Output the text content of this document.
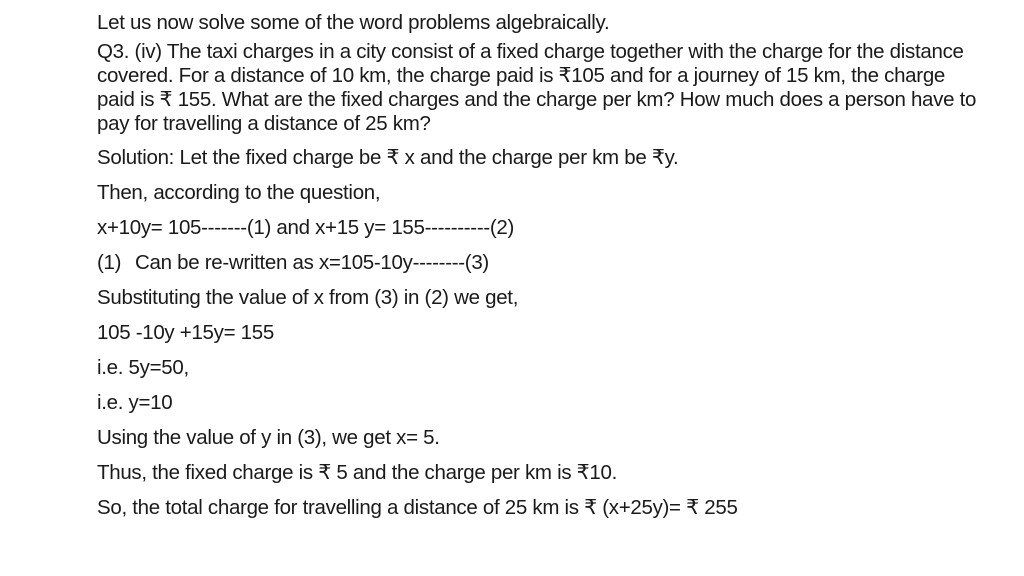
Let us now solve some of the word problems algebraically.

Q3. (iv) The taxi charges in a city consist of a fixed charge together with the charge for the distance covered. For a distance of 10 km, the charge paid is ₹105 and for a journey of 15 km, the charge paid is ₹ 155. What are the fixed charges and the charge per km? How much does a person have to pay for travelling a distance of 25 km?

Solution: Let the fixed charge be ₹ x and the charge per km be ₹y.

Then, according to the question,

x+10y= 105-------(1) and x+15 y= 155----------(2)

(1) Can be re-written as x=105-10y--------(3)

Substituting the value of x from (3) in (2) we get,

105 -10y +15y= 155

i.e. 5y=50,

i.e. y=10

Using the value of y in (3), we get x= 5.

Thus, the fixed charge is ₹ 5 and the charge per km is ₹10.

So, the total charge for travelling a distance of 25 km is ₹ (x+25y)= ₹ 255
